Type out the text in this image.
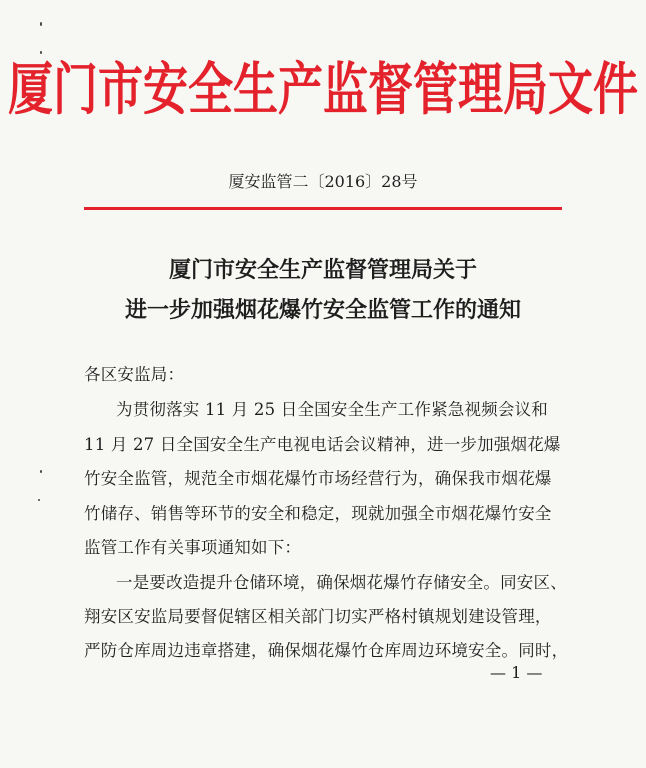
厦门市安全生产监督管理局文件
厦安监管二〔2016〕28号
厦门市安全生产监督管理局关于
进一步加强烟花爆竹安全监管工作的通知
各区安监局：
为贯彻落实 11 月 25 日全国安全生产工作紧急视频会议和
11 月 27 日全国安全生产电视电话会议精神，进一步加强烟花爆
竹安全监管，规范全市烟花爆竹市场经营行为，确保我市烟花爆
竹储存、销售等环节的安全和稳定，现就加强全市烟花爆竹安全
监管工作有关事项通知如下：
一是要改造提升仓储环境，确保烟花爆竹存储安全。同安区、
翔安区安监局要督促辖区相关部门切实严格村镇规划建设管理，
严防仓库周边违章搭建，确保烟花爆竹仓库周边环境安全。同时，
— 1 —
